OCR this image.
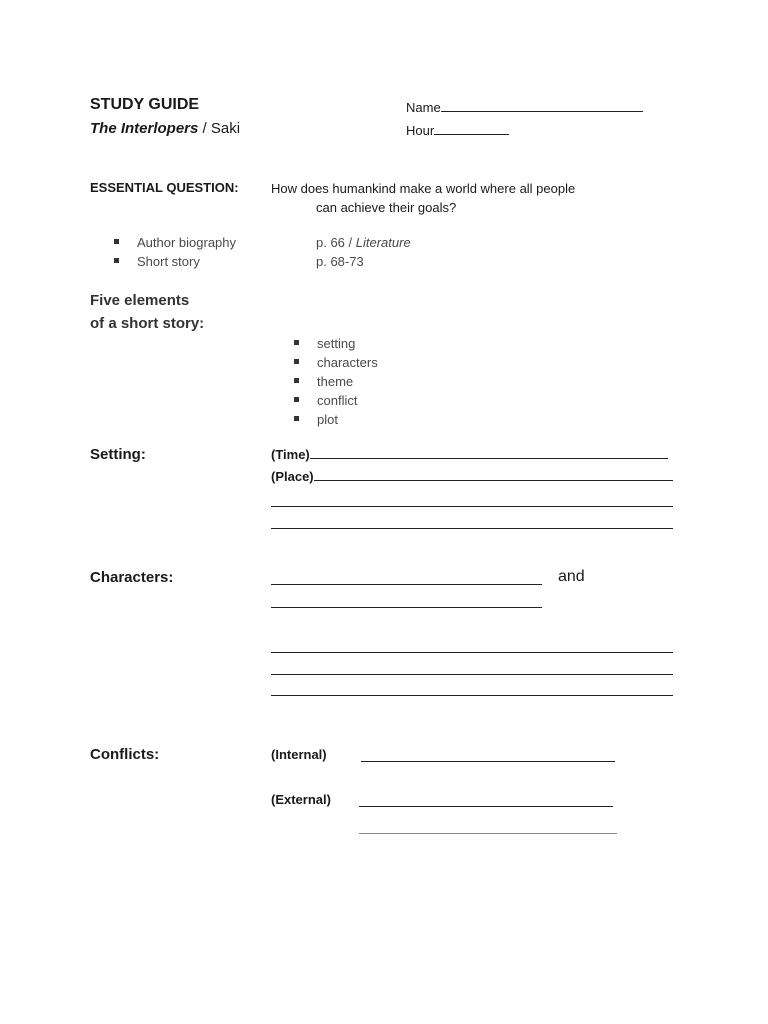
STUDY GUIDE
The Interlopers / Saki
Name
Hour
ESSENTIAL QUESTION: How does humankind make a world where all people
can achieve their goals?
Author biography	p. 66 / Literature
Short story	p. 68-73
Five elements
of a short story:
setting
characters
theme
conflict
plot
Setting:	(Time)
(Place)
Characters:	and
Conflicts:	(Internal)
(External)
